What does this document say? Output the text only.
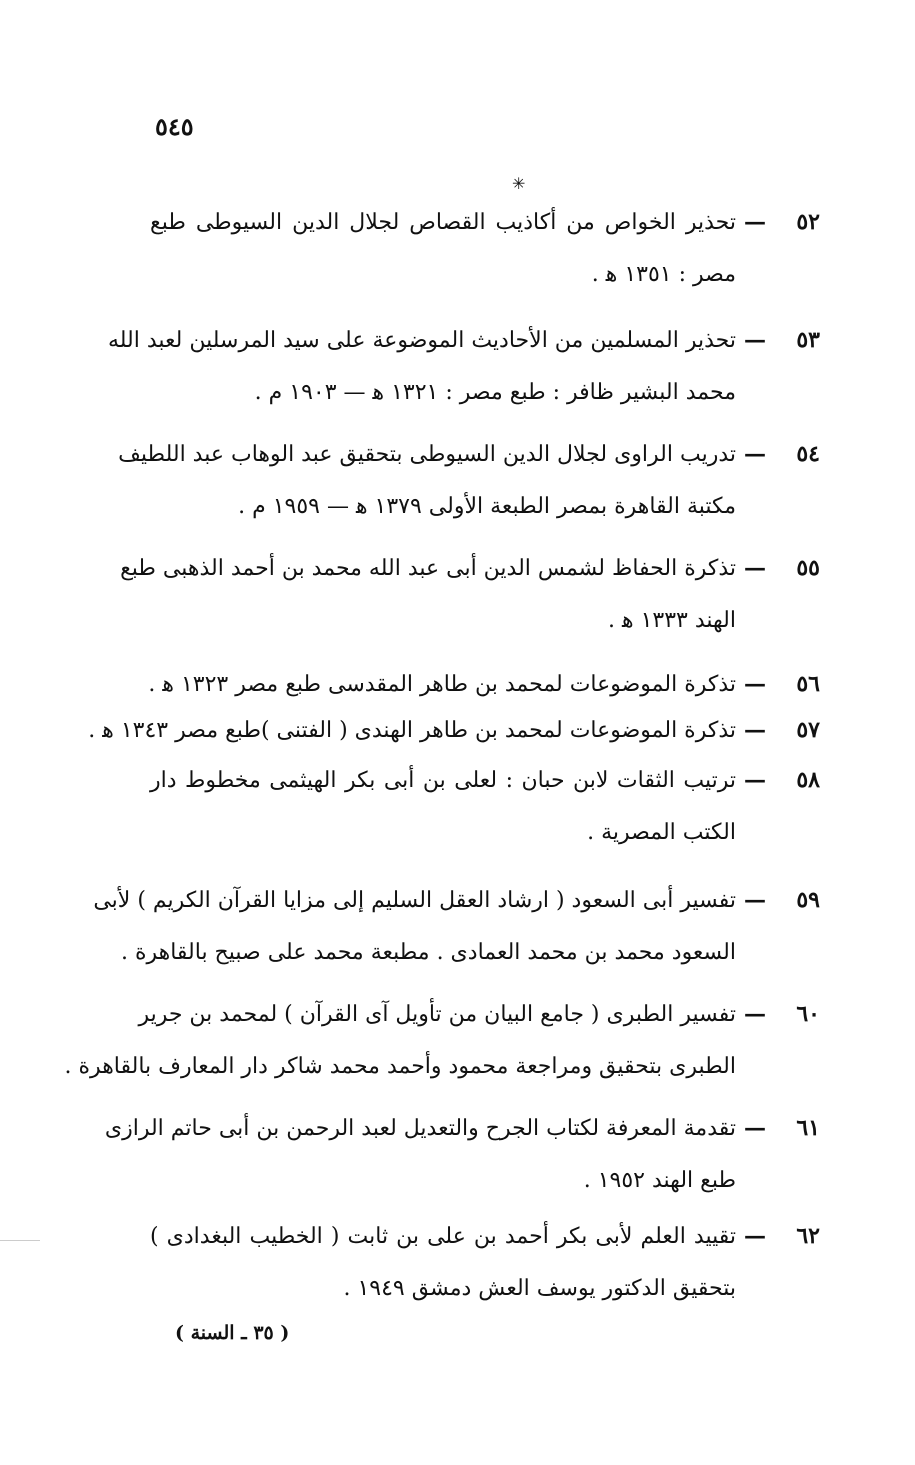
٥٤٥
✳
٥٢
—
تحذير الخواص من أكاذيب القصاص لجلال الدين السيوطى طبع
مصر : ١٣٥١ ﻫ .
٥٣
—
تحذير المسلمين من الأحاديث الموضوعة على سيد المرسلين لعبد الله
محمد البشير ظافر : طبع مصر : ١٣٢١ ﻫ — ١٩٠٣ م .
٥٤
—
تدريب الراوى لجلال الدين السيوطى بتحقيق عبد الوهاب عبد اللطيف
مكتبة القاهرة بمصر الطبعة الأولى ١٣٧٩ ﻫ — ١٩٥٩ م .
٥٥
—
تذكرة الحفاظ لشمس الدين أبى عبد الله محمد بن أحمد الذهبى طبع
الهند ١٣٣٣ ﻫ .
٥٦
—
تذكرة الموضوعات لمحمد بن طاهر المقدسى طبع مصر ١٣٢٣ ﻫ .
٥٧
—
تذكرة الموضوعات لمحمد بن طاهر الهندى ( الفتنى )طبع مصر ١٣٤٣ ﻫ .
٥٨
—
ترتيب الثقات لابن حبان : لعلى بن أبى بكر الهيثمى مخطوط دار
الكتب المصرية .
٥٩
—
تفسير أبى السعود ( ارشاد العقل السليم إلى مزايا القرآن الكريم ) لأبى
السعود محمد بن محمد العمادى . مطبعة محمد على صبيح بالقاهرة .
٦٠
—
تفسير الطبرى ( جامع البيان من تأويل آى القرآن ) لمحمد بن جرير
الطبرى بتحقيق ومراجعة محمود وأحمد محمد شاكر دار المعارف بالقاهرة .
٦١
—
تقدمة المعرفة لكتاب الجرح والتعديل لعبد الرحمن بن أبى حاتم الرازى
طبع الهند ١٩٥٢ .
٦٢
—
تقييد العلم لأبى بكر أحمد بن على بن ثابت ( الخطيب البغدادى )
بتحقيق الدكتور يوسف العش دمشق ١٩٤٩ .
( ٣٥ ـ السنة )
